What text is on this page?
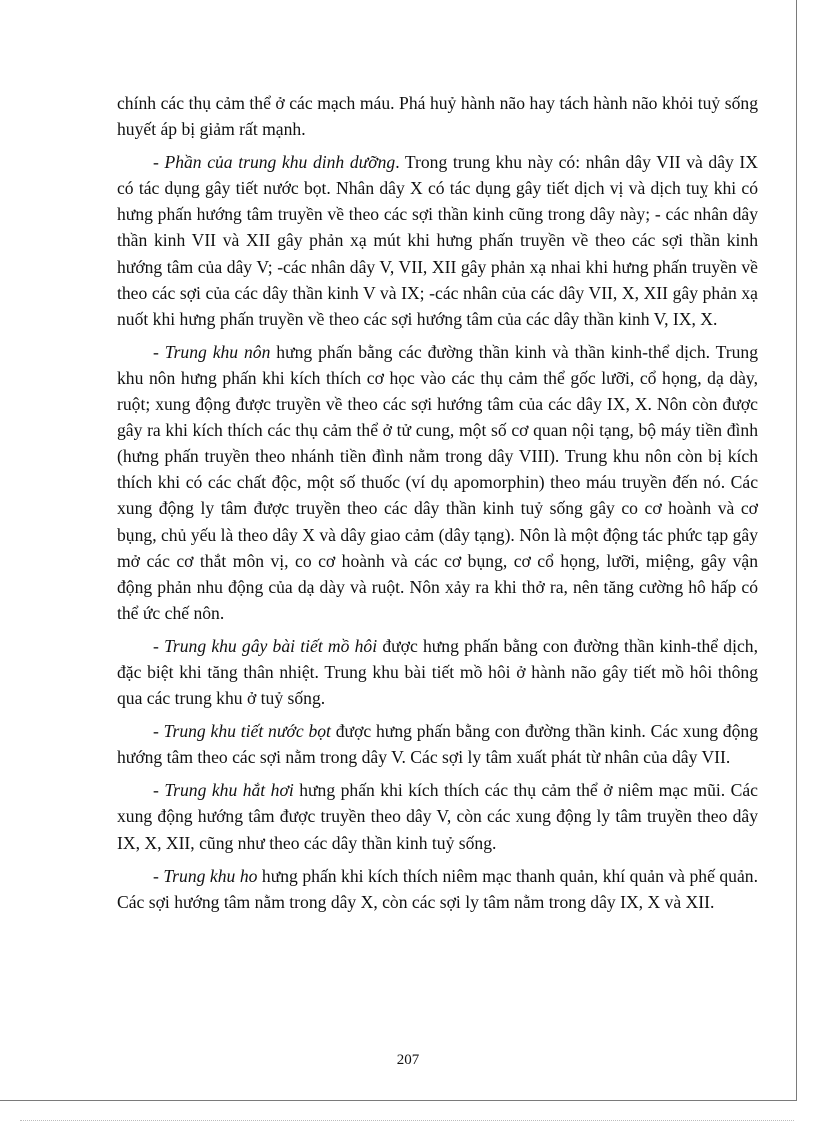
chính các thụ cảm thể ở các mạch máu. Phá huỷ hành não hay tách hành não khỏi tuỷ sống huyết áp bị giảm rất mạnh.

- Phần của trung khu dinh dưỡng. Trong trung khu này có: nhân dây VII và dây IX có tác dụng gây tiết nước bọt. Nhân dây X có tác dụng gây tiết dịch vị và dịch tuỵ khi có hưng phấn hướng tâm truyền về theo các sợi thần kinh cũng trong dây này; - các nhân dây thần kinh VII và XII gây phản xạ mút khi hưng phấn truyền về theo các sợi thần kinh hướng tâm của dây V; -các nhân dây V, VII, XII gây phản xạ nhai khi hưng phấn truyền về theo các sợi của các dây thần kinh V và IX; -các nhân của các dây VII, X, XII gây phản xạ nuốt khi hưng phấn truyền về theo các sợi hướng tâm của các dây thần kinh V, IX, X.

- Trung khu nôn hưng phấn bằng các đường thần kinh và thần kinh-thể dịch. Trung khu nôn hưng phấn khi kích thích cơ học vào các thụ cảm thể gốc lưỡi, cổ họng, dạ dày, ruột; xung động được truyền về theo các sợi hướng tâm của các dây IX, X. Nôn còn được gây ra khi kích thích các thụ cảm thể ở tử cung, một số cơ quan nội tạng, bộ máy tiền đình (hưng phấn truyền theo nhánh tiền đình nằm trong dây VIII). Trung khu nôn còn bị kích thích khi có các chất độc, một số thuốc (ví dụ apomorphin) theo máu truyền đến nó. Các xung động ly tâm được truyền theo các dây thần kinh tuỷ sống gây co cơ hoành và cơ bụng, chủ yếu là theo dây X và dây giao cảm (dây tạng). Nôn là một động tác phức tạp gây mở các cơ thắt môn vị, co cơ hoành và các cơ bụng, cơ cổ họng, lưỡi, miệng, gây vận động phản nhu động của dạ dày và ruột. Nôn xảy ra khi thở ra, nên tăng cường hô hấp có thể ức chế nôn.

- Trung khu gây bài tiết mồ hôi được hưng phấn bằng con đường thần kinh-thể dịch, đặc biệt khi tăng thân nhiệt. Trung khu bài tiết mồ hôi ở hành não gây tiết mồ hôi thông qua các trung khu ở tuỷ sống.

- Trung khu tiết nước bọt được hưng phấn bằng con đường thần kinh. Các xung động hướng tâm theo các sợi nằm trong dây V. Các sợi ly tâm xuất phát từ nhân của dây VII.

- Trung khu hắt hơi hưng phấn khi kích thích các thụ cảm thể ở niêm mạc mũi. Các xung động hướng tâm được truyền theo dây V, còn các xung động ly tâm truyền theo dây IX, X, XII, cũng như theo các dây thần kinh tuỷ sống.

- Trung khu ho hưng phấn khi kích thích niêm mạc thanh quản, khí quản và phế quản. Các sợi hướng tâm nằm trong dây X, còn các sợi ly tâm nằm trong dây IX, X và XII.

207
